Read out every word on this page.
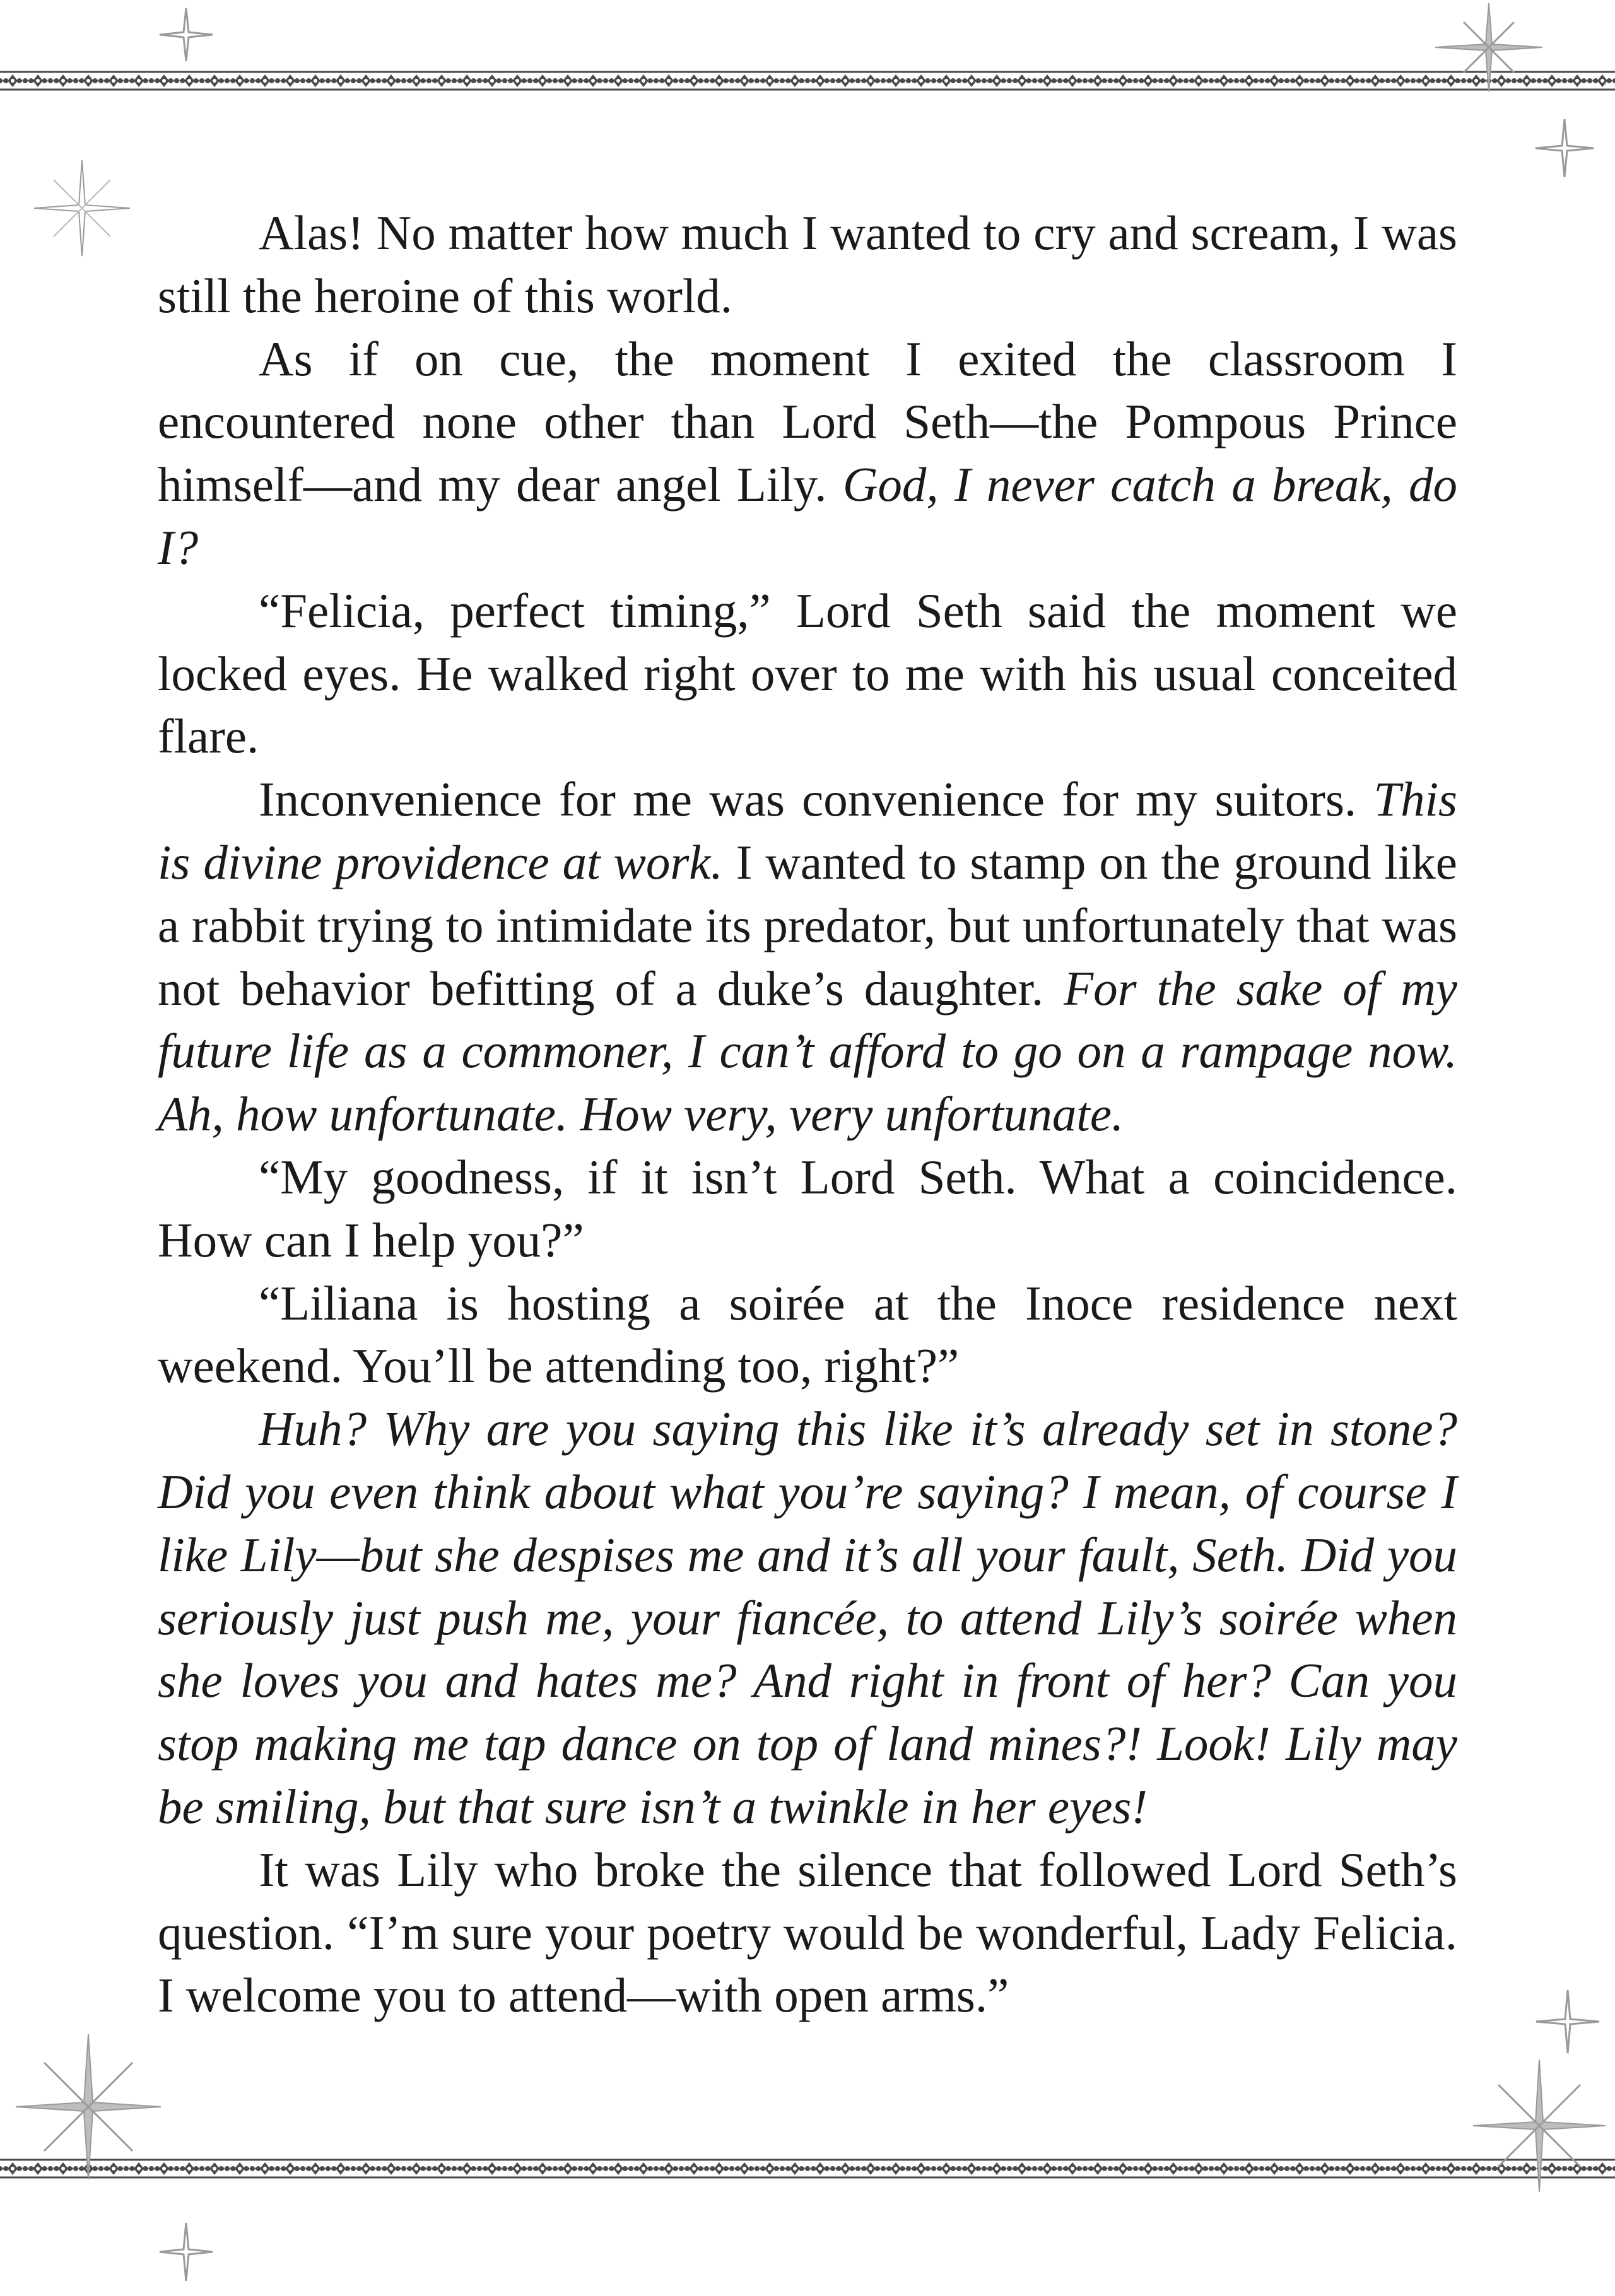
Alas! No matter how much I wanted to cry and scream, I was still the heroine of this world.

As if on cue, the moment I exited the classroom I encountered none other than Lord Seth—the Pompous Prince himself—and my dear angel Lily. God, I never catch a break, do I?

“Felicia, perfect timing,” Lord Seth said the moment we locked eyes. He walked right over to me with his usual conceited flare.

Inconvenience for me was convenience for my suitors. This is divine providence at work. I wanted to stamp on the ground like a rabbit trying to intimidate its predator, but unfortunately that was not behavior befitting of a duke’s daughter. For the sake of my future life as a commoner, I can’t afford to go on a rampage now. Ah, how unfortunate. How very, very unfortunate.

“My goodness, if it isn’t Lord Seth. What a coincidence. How can I help you?”

“Liliana is hosting a soirée at the Inoce residence next weekend. You’ll be attending too, right?”

Huh? Why are you saying this like it’s already set in stone? Did you even think about what you’re saying? I mean, of course I like Lily—but she despises me and it’s all your fault, Seth. Did you seriously just push me, your fiancée, to attend Lily’s soirée when she loves you and hates me? And right in front of her? Can you stop making me tap dance on top of land mines?! Look! Lily may be smiling, but that sure isn’t a twinkle in her eyes!

It was Lily who broke the silence that followed Lord Seth’s question. “I’m sure your poetry would be wonderful, Lady Felicia. I welcome you to attend—with open arms.”
